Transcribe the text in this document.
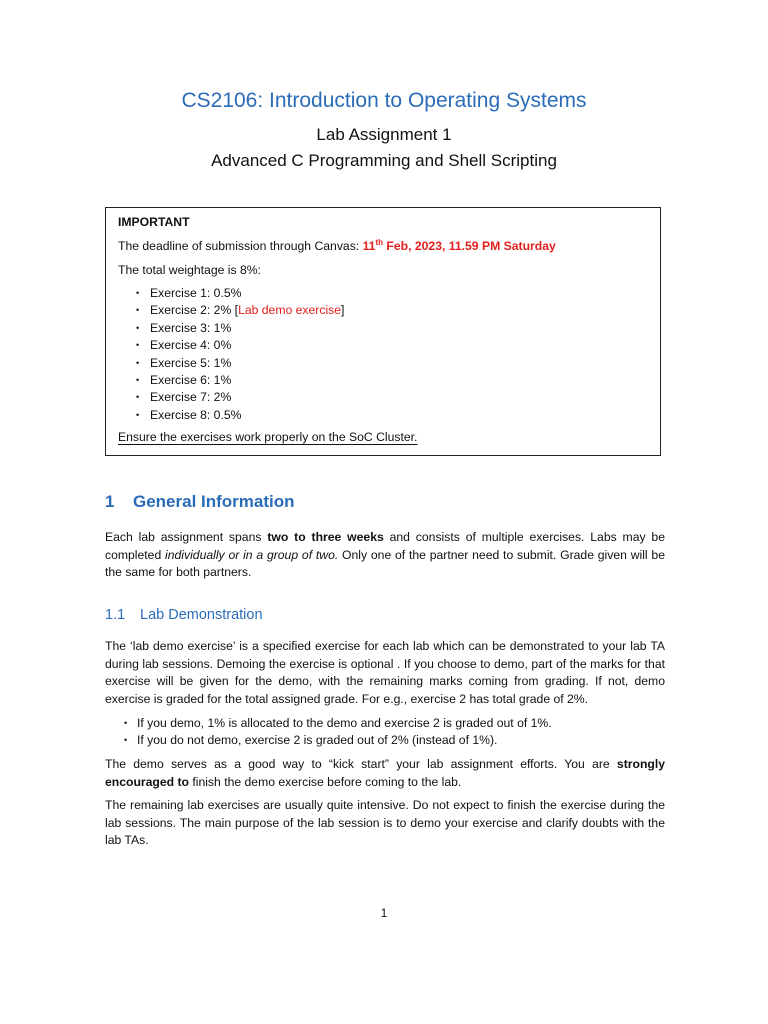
CS2106: Introduction to Operating Systems
Lab Assignment 1
Advanced C Programming and Shell Scripting

IMPORTANT

The deadline of submission through Canvas: 11th Feb, 2023, 11.59 PM Saturday

The total weightage is 8%:

• Exercise 1: 0.5%
• Exercise 2: 2% [Lab demo exercise]
• Exercise 3: 1%
• Exercise 4: 0%
• Exercise 5: 1%
• Exercise 6: 1%
• Exercise 7: 2%
• Exercise 8: 0.5%

Ensure the exercises work properly on the SoC Cluster.

1 General Information

Each lab assignment spans two to three weeks and consists of multiple exercises. Labs may be completed individually or in a group of two. Only one of the partner need to submit. Grade given will be the same for both partners.

1.1 Lab Demonstration

The ‘lab demo exercise’ is a specified exercise for each lab which can be demonstrated to your lab TA during lab sessions. Demoing the exercise is optional . If you choose to demo, part of the marks for that exercise will be given for the demo, with the remaining marks coming from grading. If not, demo exercise is graded for the total assigned grade. For e.g., exercise 2 has total grade of 2%.

• If you demo, 1% is allocated to the demo and exercise 2 is graded out of 1%.
• If you do not demo, exercise 2 is graded out of 2% (instead of 1%).

The demo serves as a good way to “kick start” your lab assignment efforts. You are strongly encouraged to finish the demo exercise before coming to the lab.

The remaining lab exercises are usually quite intensive. Do not expect to finish the exercise during the lab sessions. The main purpose of the lab session is to demo your exercise and clarify doubts with the lab TAs.

1
